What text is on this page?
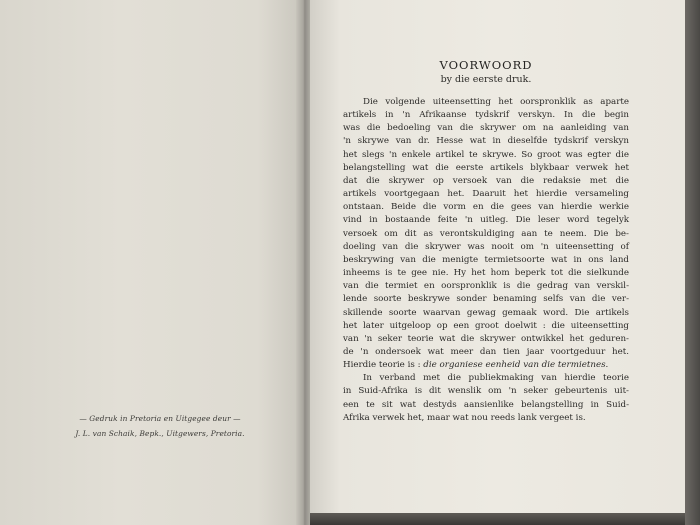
— Gedruk in Pretoria en Uitgegee deur —
J. L. van Schaik, Bepk., Uitgewers, Pretoria.
VOORWOORD
by die eerste druk.
Die volgende uiteensetting het oorspronklik as aparte
artikels in 'n Afrikaanse tydskrif verskyn. In die begin
was die bedoeling van die skrywer om na aanleiding van
'n skrywe van dr. Hesse wat in dieselfde tydskrif verskyn
het slegs 'n enkele artikel te skrywe. So groot was egter die
belangstelling wat die eerste artikels blykbaar verwek het
dat die skrywer op versoek van die redaksie met die
artikels voortgegaan het. Daaruit het hierdie versameling
ontstaan. Beide die vorm en die gees van hierdie werkie
vind in bostaande feite 'n uitleg. Die leser word tegelyk
versoek om dit as verontskuldiging aan te neem. Die be-
doeling van die skrywer was nooit om 'n uiteensetting of
beskrywing van die menigte termietsoorte wat in ons land
inheems is te gee nie. Hy het hom beperk tot die sielkunde
van die termiet en oorspronklik is die gedrag van verskil-
lende soorte beskrywe sonder benaming selfs van die ver-
skillende soorte waarvan gewag gemaak word. Die artikels
het later uitgeloop op een groot doelwit : die uiteensetting
van 'n seker teorie wat die skrywer ontwikkel het geduren-
de 'n ondersoek wat meer dan tien jaar voortgeduur het.
Hierdie teorie is : die organiese eenheid van die termietnes.
In verband met die publiekmaking van hierdie teorie
in Suid-Afrika is dit wenslik om 'n seker gebeurtenis uit-
een te sit wat destyds aansienlike belangstelling in Suid-
Afrika verwek het, maar wat nou reeds lank vergeet is.
